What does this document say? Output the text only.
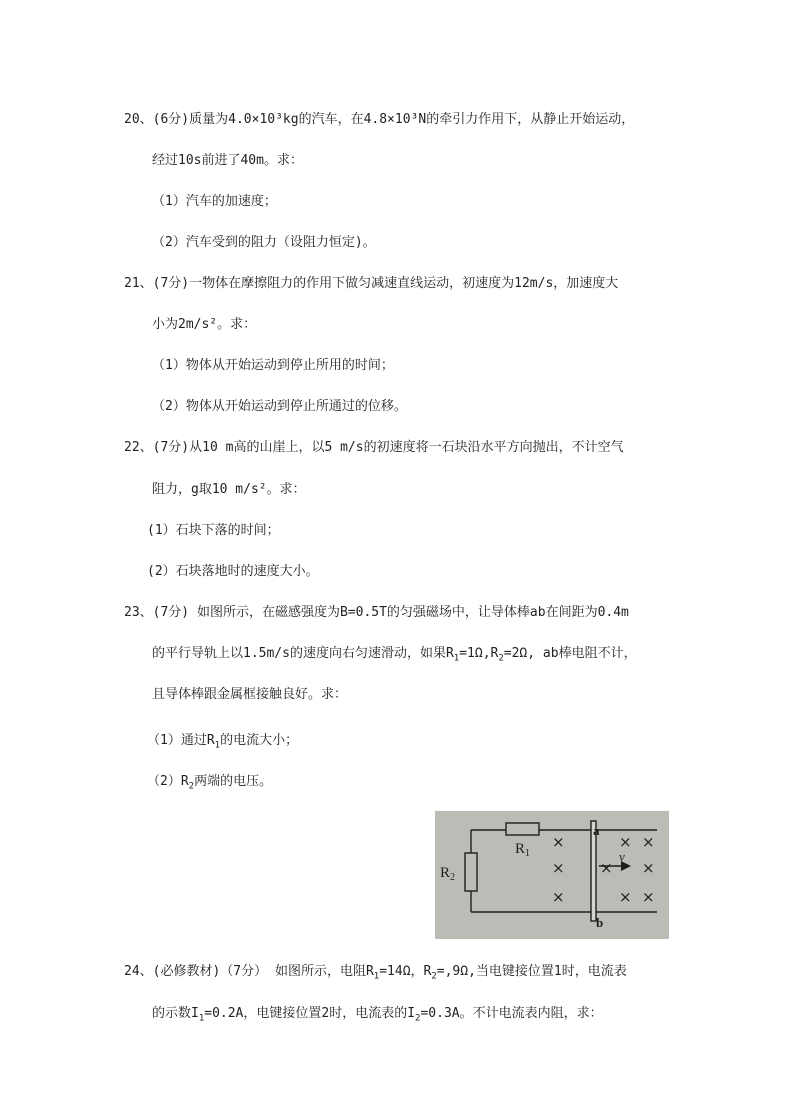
20、(6分)质量为4.0×10³kg的汽车，在4.8×10³N的牵引力作用下，从静止开始运动，
经过10s前进了40m。求：
（1）汽车的加速度；
（2）汽车受到的阻力（设阻力恒定)。
21、(7分)一物体在摩擦阻力的作用下做匀减速直线运动，初速度为12m/s，加速度大
小为2m/s²。求：
（1）物体从开始运动到停止所用的时间；
（2）物体从开始运动到停止所通过的位移。
22、(7分)从10 m高的山崖上，以5 m/s的初速度将一石块沿水平方向抛出，不计空气
阻力，g取10 m/s²。求：
(1）石块下落的时间；
(2）石块落地时的速度大小。
23、(7分) 如图所示，在磁感强度为B=0.5T的匀强磁场中，让导体棒ab在间距为0.4m
的平行导轨上以1.5m/s的速度向右匀速滑动，如果$R_1=1\Omega,R_2=2\Omega$, ab棒电阻不计，
且导体棒跟金属框接触良好。求：
（1）通过$R_1$的电流大小；
$(2)R_2$两端的电压。
$R_1$
$R_2$
a
b
v
×
×
×
×
×
×
×
×
×
24、(必修教材)（7分） 如图所示，电阻$R_1=14\Omega$，$R_2=,9\Omega$,当电键接位置1时，电流表
的示数$I_1=0.2A$，电键接位置2时，电流表的$I_2=0.3A$。不计电流表内阻，求：
